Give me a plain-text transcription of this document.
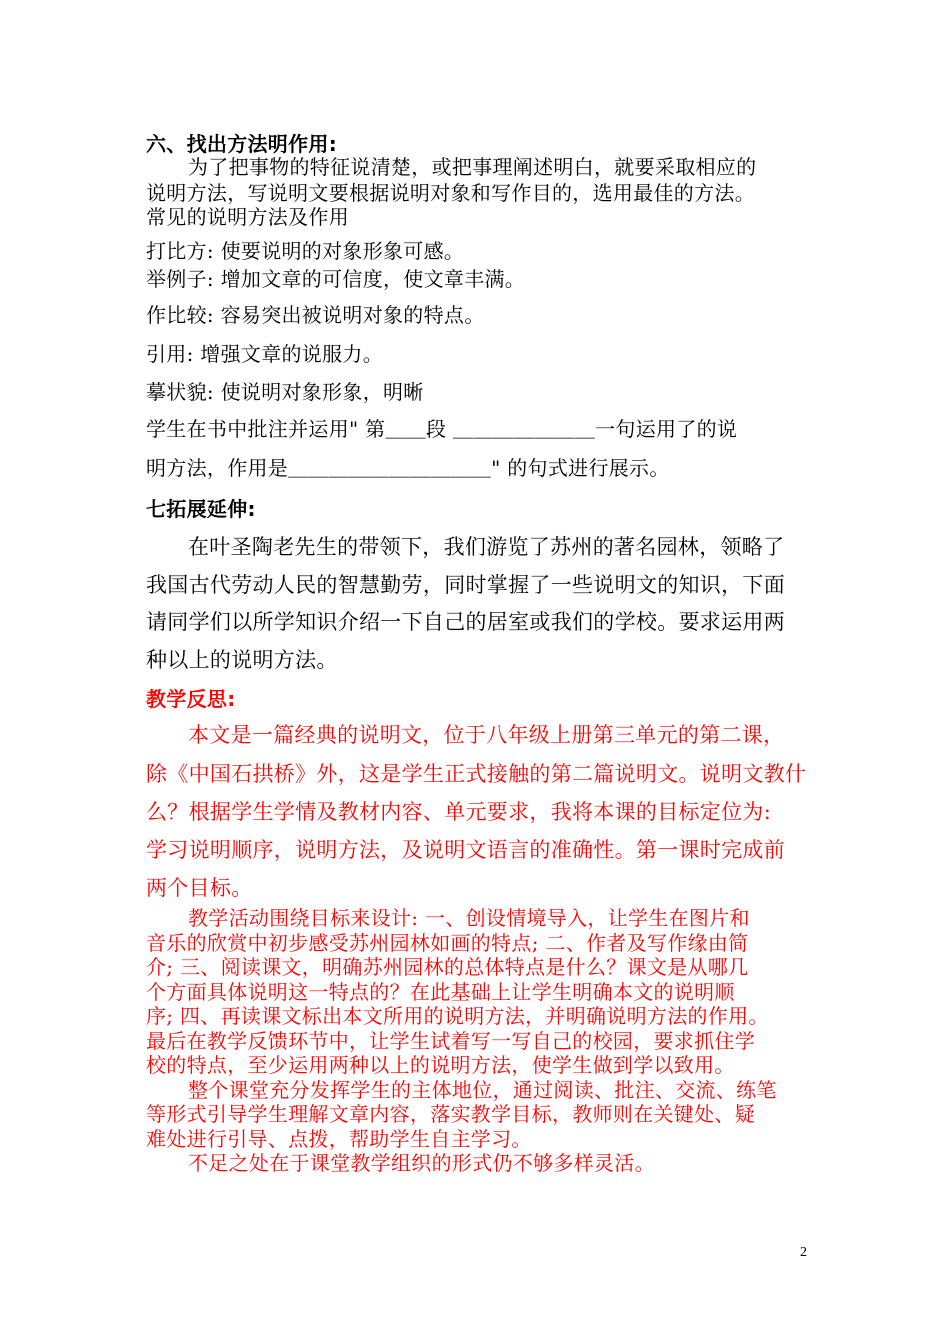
六、找出方法明作用:

为了把事物的特征说清楚，或把事理阐述明白，就要采取相应的

说明方法，写说明文要根据说明对象和写作目的，选用最佳的方法。

常见的说明方法及作用

打比方: 使要说明的对象形象可感。

举例子: 增加文章的可信度，使文章丰满。

作比较: 容易突出被说明对象的特点。

引用: 增强文章的说服力。

摹状貌: 使说明对象形象，明晰

学生在书中批注并运用" 第＿＿段 ＿＿＿＿＿＿＿一句运用了的说

明方法，作用是＿＿＿＿＿＿＿＿＿＿" 的句式进行展示。

七拓展延伸:

在叶圣陶老先生的带领下，我们游览了苏州的著名园林，领略了

我国古代劳动人民的智慧勤劳，同时掌握了一些说明文的知识，下面

请同学们以所学知识介绍一下自己的居室或我们的学校。要求运用两

种以上的说明方法。

教学反思:

本文是一篇经典的说明文，位于八年级上册第三单元的第二课，

除《中国石拱桥》外，这是学生正式接触的第二篇说明文。说明文教什

么？根据学生学情及教材内容、单元要求，我将本课的目标定位为:

学习说明顺序，说明方法，及说明文语言的准确性。第一课时完成前

两个目标。

教学活动围绕目标来设计: 一、创设情境导入，让学生在图片和

音乐的欣赏中初步感受苏州园林如画的特点; 二、作者及写作缘由简

介; 三、阅读课文，明确苏州园林的总体特点是什么？课文是从哪几

个方面具体说明这一特点的？在此基础上让学生明确本文的说明顺

序; 四、再读课文标出本文所用的说明方法，并明确说明方法的作用。

最后在教学反馈环节中，让学生试着写一写自己的校园，要求抓住学

校的特点，至少运用两种以上的说明方法，使学生做到学以致用。

整个课堂充分发挥学生的主体地位，通过阅读、批注、交流、练笔

等形式引导学生理解文章内容，落实教学目标，教师则在关键处、疑

难处进行引导、点拨，帮助学生自主学习。

不足之处在于课堂教学组织的形式仍不够多样灵活。

2
